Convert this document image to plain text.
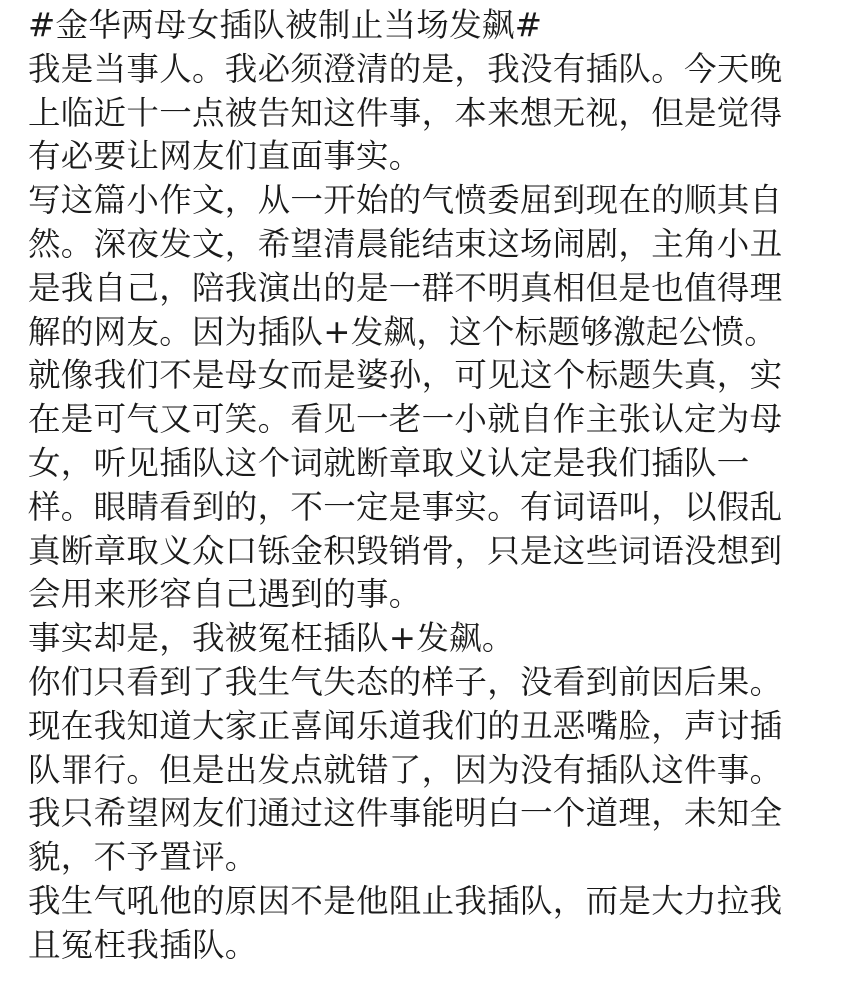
#金华两母女插队被制止当场发飙#
我是当事人。我必须澄清的是，我没有插队。今天晚
上临近十一点被告知这件事，本来想无视，但是觉得
有必要让网友们直面事实。
写这篇小作文，从一开始的气愤委屈到现在的顺其自
然。深夜发文，希望清晨能结束这场闹剧，主角小丑
是我自己，陪我演出的是一群不明真相但是也值得理
解的网友。因为插队+发飙，这个标题够激起公愤。
就像我们不是母女而是婆孙，可见这个标题失真，实
在是可气又可笑。看见一老一小就自作主张认定为母
女，听见插队这个词就断章取义认定是我们插队一
样。眼睛看到的，不一定是事实。有词语叫，以假乱
真断章取义众口铄金积毁销骨，只是这些词语没想到
会用来形容自己遇到的事。
事实却是，我被冤枉插队+发飙。
你们只看到了我生气失态的样子，没看到前因后果。
现在我知道大家正喜闻乐道我们的丑恶嘴脸，声讨插
队罪行。但是出发点就错了，因为没有插队这件事。
我只希望网友们通过这件事能明白一个道理，未知全
貌，不予置评。
我生气吼他的原因不是他阻止我插队，而是大力拉我
且冤枉我插队。
